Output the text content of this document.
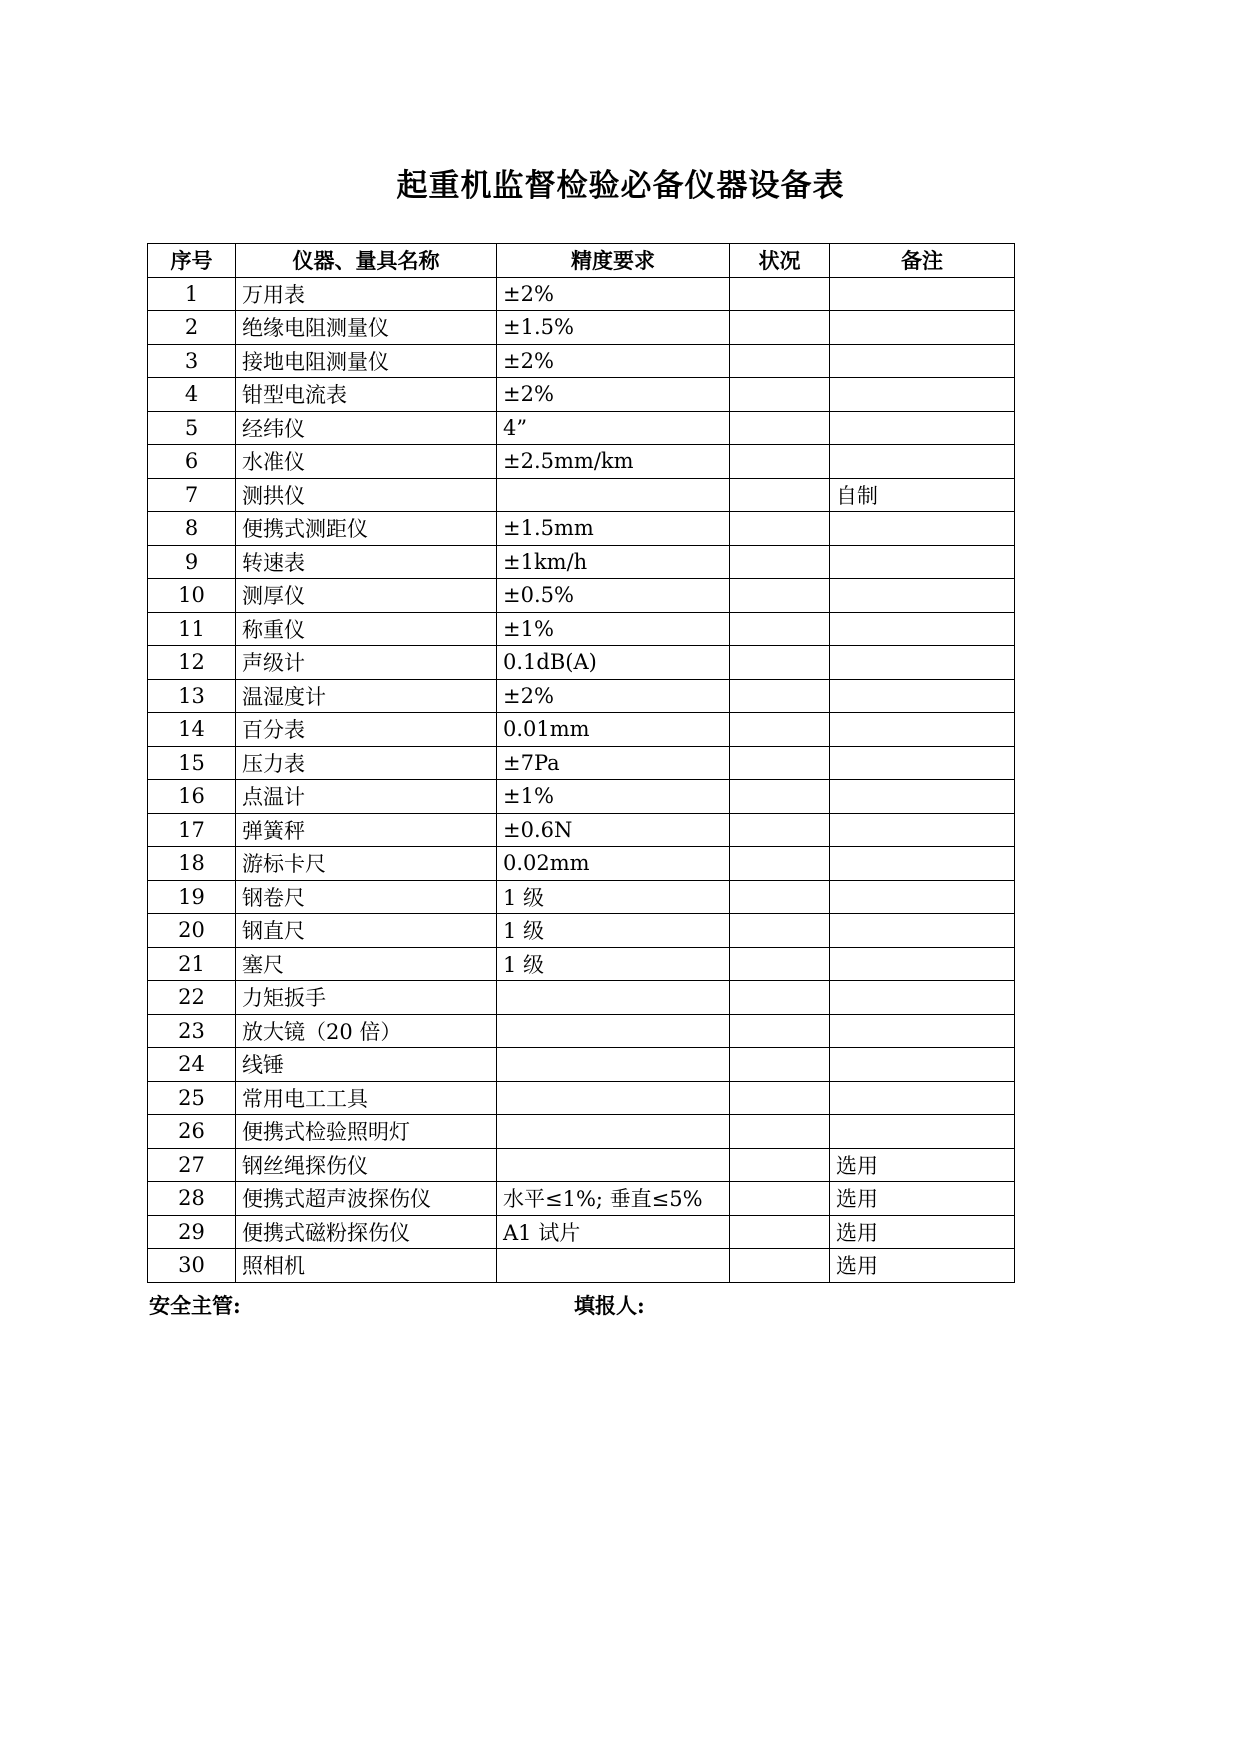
起重机监督检验必备仪器设备表
序号	仪器、量具名称	精度要求	状况	备注
1	万用表	±2%		
2	绝缘电阻测量仪	±1.5%		
3	接地电阻测量仪	±2%		
4	钳型电流表	±2%		
5	经纬仪	4”		
6	水准仪	±2.5mm/km		
7	测拱仪			自制
8	便携式测距仪	±1.5mm		
9	转速表	±1km/h		
10	测厚仪	±0.5%		
11	称重仪	±1%		
12	声级计	0.1dB(A)		
13	温湿度计	±2%		
14	百分表	0.01mm		
15	压力表	±7Pa		
16	点温计	±1%		
17	弹簧秤	±0.6N		
18	游标卡尺	0.02mm		
19	钢卷尺	1 级		
20	钢直尺	1 级		
21	塞尺	1 级		
22	力矩扳手			
23	放大镜（20 倍）			
24	线锤			
25	常用电工工具			
26	便携式检验照明灯			
27	钢丝绳探伤仪			选用
28	便携式超声波探伤仪	水平≤1%; 垂直≤5%		选用
29	便携式磁粉探伤仪	A1 试片		选用
30	照相机			选用
安全主管:	填报人:
